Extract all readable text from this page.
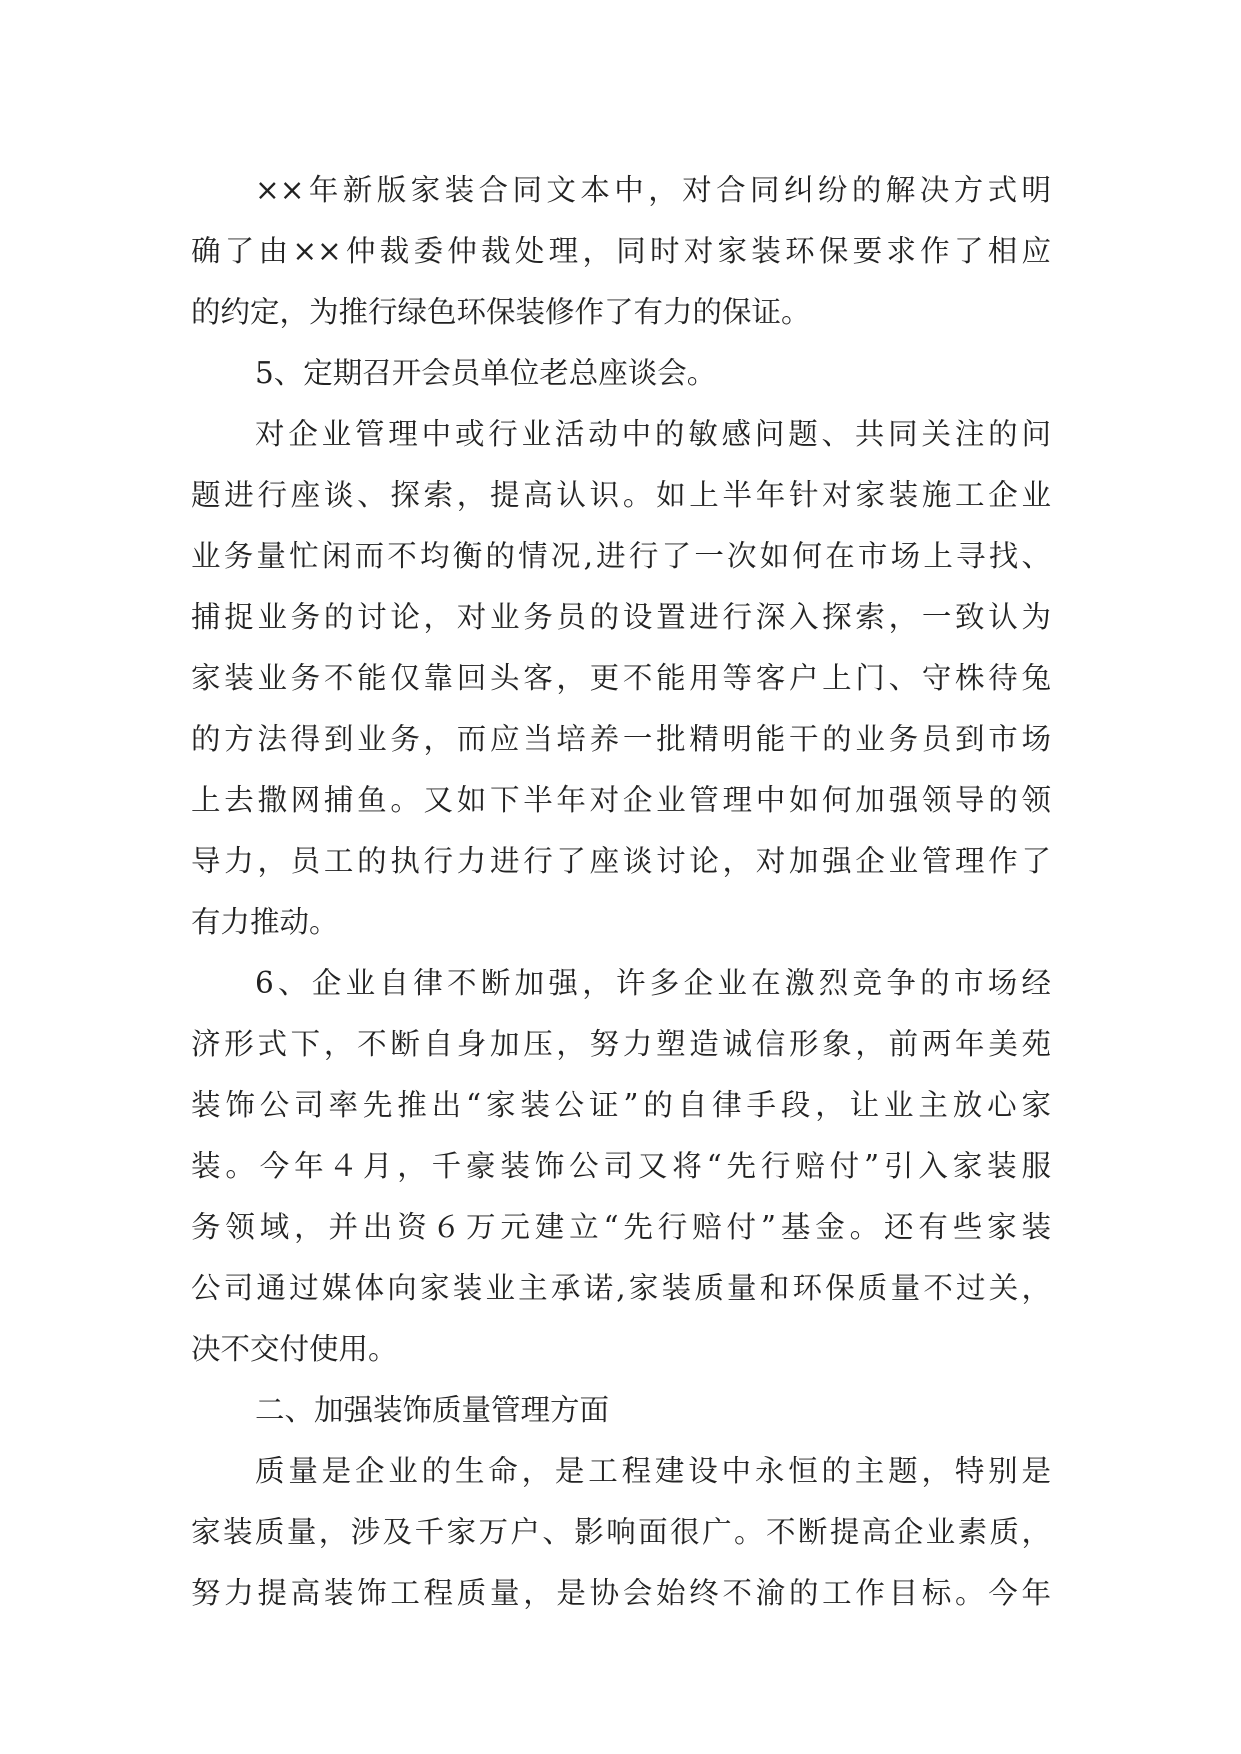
××年新版家装合同文本中，对合同纠纷的解决方式明
确了由××仲裁委仲裁处理，同时对家装环保要求作了相应
的约定，为推行绿色环保装修作了有力的保证。
5、定期召开会员单位老总座谈会。
对企业管理中或行业活动中的敏感问题、共同关注的问
题进行座谈、探索，提高认识。如上半年针对家装施工企业
业务量忙闲而不均衡的情况,进行了一次如何在市场上寻找、
捕捉业务的讨论，对业务员的设置进行深入探索，一致认为
家装业务不能仅靠回头客，更不能用等客户上门、守株待兔
的方法得到业务，而应当培养一批精明能干的业务员到市场
上去撒网捕鱼。又如下半年对企业管理中如何加强领导的领
导力，员工的执行力进行了座谈讨论，对加强企业管理作了
有力推动。
6、企业自律不断加强，许多企业在激烈竞争的市场经
济形式下，不断自身加压，努力塑造诚信形象，前两年美苑
装饰公司率先推出“家装公证”的自律手段，让业主放心家
装。今年４月，千豪装饰公司又将“先行赔付”引入家装服
务领域，并出资６万元建立“先行赔付”基金。还有些家装
公司通过媒体向家装业主承诺,家装质量和环保质量不过关，
决不交付使用。
二、加强装饰质量管理方面
质量是企业的生命，是工程建设中永恒的主题，特别是
家装质量，涉及千家万户、影响面很广。不断提高企业素质，
努力提高装饰工程质量，是协会始终不渝的工作目标。今年
